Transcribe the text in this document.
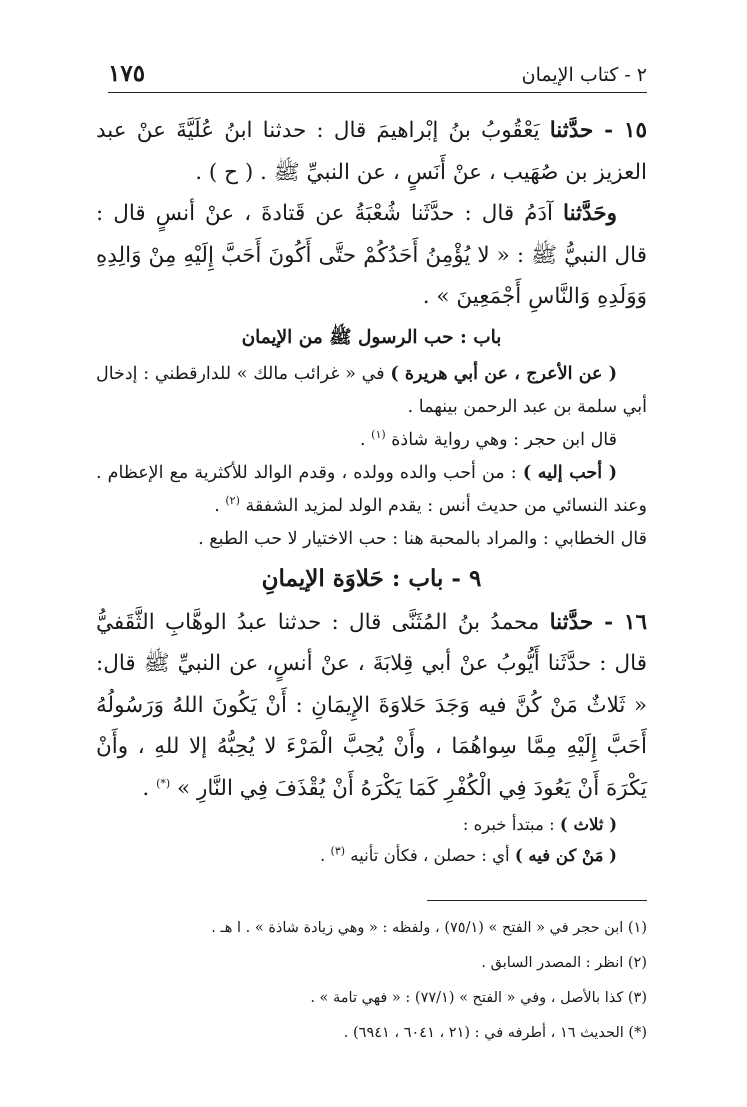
٢ - كتاب الإيمان
١٧٥

١٥ - حدَّثنا يَعْقُوبُ بنُ إبْراهيمَ قال : حدثنا ابنُ عُلَيَّةَ عنْ عبد العزيز بن صُهَيب ، عنْ أَنَسٍ ، عن النبيِّ ﷺ . ( ح ) .

وحَدَّثنا آدَمُ قال : حدَّثَنا شُعْبَةُ عن قَتادةَ ، عنْ أنسٍ قال : قال النبيُّ ﷺ : « لا يُؤْمِنُ أَحَدُكُمْ حتَّى أَكُونَ أَحَبَّ إِلَيْهِ مِنْ وَالِدِهِ وَوَلَدِهِ وَالنَّاسِ أَجْمَعِينَ » .

باب : حب الرسول ﷺ من الإيمان

( عن الأعرج ، عن أبي هريرة ) في « غرائب مالك » للدارقطني : إدخال أبي سلمة بن عبد الرحمن بينهما .

قال ابن حجر : وهي رواية شاذة $^{(١)}$ .

( أحب إليه ) : من أحب والده وولده ، وقدم الوالد للأكثرية مع الإعظام . وعند النسائي من حديث أنس : يقدم الولد لمزيد الشفقة $^{(٢)}$ .

قال الخطابي : والمراد بالمحبة هنا : حب الاختيار لا حب الطبع .

٩ - باب : حَلاوَة الإيمانِ

١٦ - حدَّثنا محمدُ بنُ المُثَنَّى قال : حدثنا عبدُ الوهَّابِ الثَّقَفيُّ قال : حدَّثَنا أَيُّوبُ عنْ أبي قِلابَةَ ، عنْ أنسٍ، عن النبيِّ ﷺ قال: « ثَلاثٌ مَنْ كُنَّ فيه وَجَدَ حَلاوَةَ الإِيمَانِ : أَنْ يَكُونَ اللهُ وَرَسُولُهُ أَحَبَّ إِلَيْهِ مِمَّا سِواهُمَا ، وأَنْ يُحِبَّ الْمَرْءَ لا يُحِبُّهُ إلا للهِ ، وأَنْ يَكْرَهَ أَنْ يَعُودَ فِي الْكُفْرِ كَمَا يَكْرَهُ أَنْ يُقْذَفَ فِي النَّارِ » (*) .

( ثلاث ) : مبتدأ خبره :

( مَنْ كن فيه ) أي : حصلن ، فكأن تأنيه $^{(٣)}$ .

(١) ابن حجر في « الفتح » (٧٥/١) ، ولفظه : « وهي زيادة شاذة » . ا هـ .

(٢) انظر : المصدر السابق .

(٣) كذا بالأصل ، وفي « الفتح » (٧٧/١) : « فهي تامة » .

(*) الحديث ١٦ ، أطرفه في : (٢١ ، ٦٠٤١ ، ٦٩٤١) .
